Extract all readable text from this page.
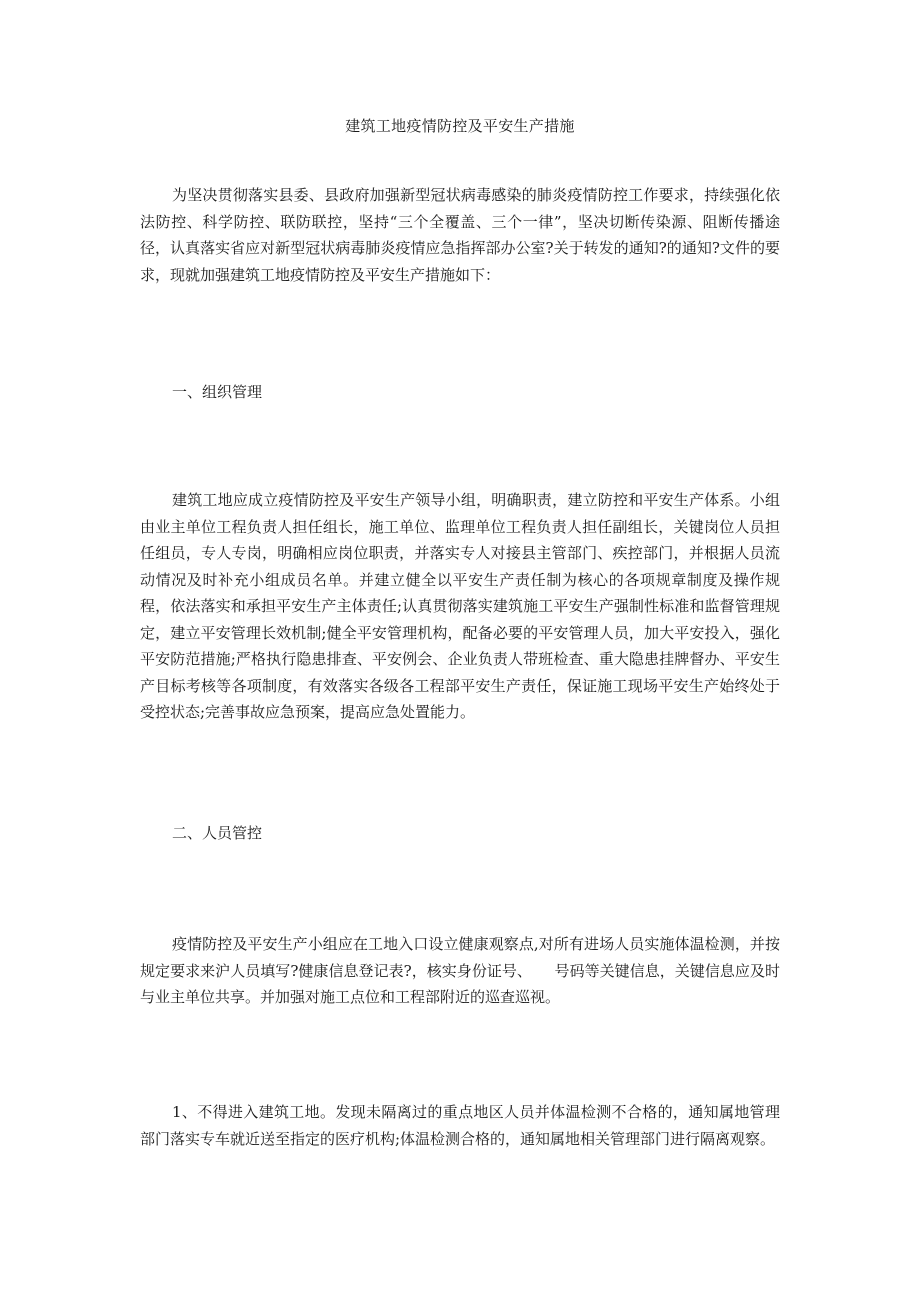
建筑工地疫情防控及平安生产措施

为坚决贯彻落实县委、县政府加强新型冠状病毒感染的肺炎疫情防控工作要求，持续强化依法防控、科学防控、联防联控，坚持“三个全覆盖、三个一律”，坚决切断传染源、阻断传播途径，认真落实省应对新型冠状病毒肺炎疫情应急指挥部办公室?关于转发的通知?的通知?文件的要求，现就加强建筑工地疫情防控及平安生产措施如下：

一、组织管理

建筑工地应成立疫情防控及平安生产领导小组，明确职责，建立防控和平安生产体系。小组由业主单位工程负责人担任组长，施工单位、监理单位工程负责人担任副组长，关键岗位人员担任组员，专人专岗，明确相应岗位职责，并落实专人对接县主管部门、疾控部门，并根据人员流动情况及时补充小组成员名单。并建立健全以平安生产责任制为核心的各项规章制度及操作规程，依法落实和承担平安生产主体责任;认真贯彻落实建筑施工平安生产强制性标准和监督管理规定，建立平安管理长效机制;健全平安管理机构，配备必要的平安管理人员，加大平安投入，强化平安防范措施;严格执行隐患排查、平安例会、企业负责人带班检查、重大隐患挂牌督办、平安生产目标考核等各项制度，有效落实各级各工程部平安生产责任，保证施工现场平安生产始终处于受控状态;完善事故应急预案，提高应急处置能力。

二、人员管控

疫情防控及平安生产小组应在工地入口设立健康观察点,对所有进场人员实施体温检测，并按规定要求来沪人员填写?健康信息登记表?，核实身份证号、　　号码等关键信息，关键信息应及时与业主单位共享。并加强对施工点位和工程部附近的巡查巡视。

1、不得进入建筑工地。发现未隔离过的重点地区人员并体温检测不合格的，通知属地管理部门落实专车就近送至指定的医疗机构;体温检测合格的，通知属地相关管理部门进行隔离观察。
